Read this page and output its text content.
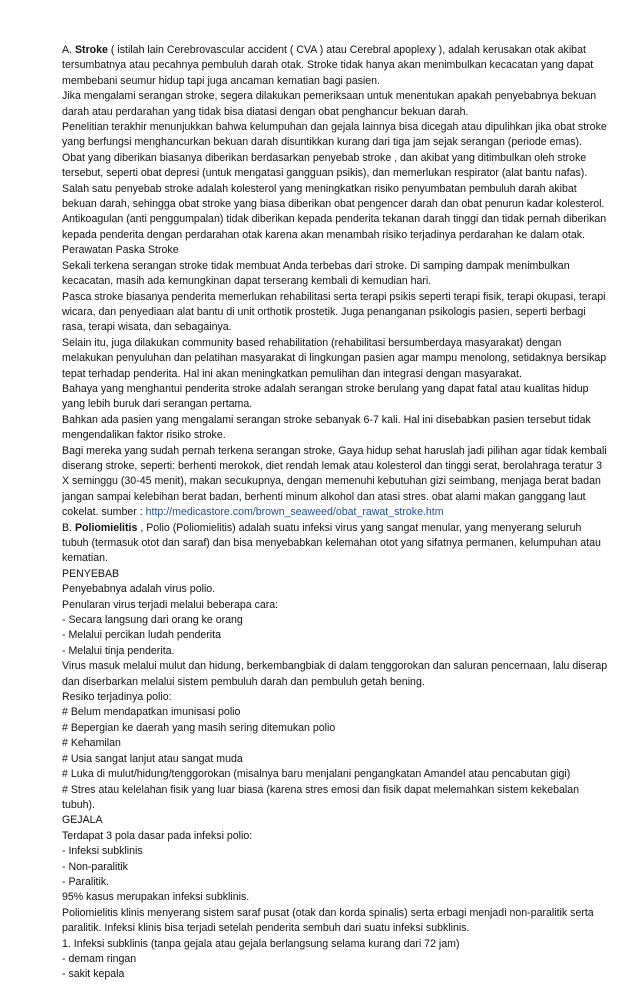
A. Stroke ( istilah lain Cerebrovascular accident ( CVA ) atau Cerebral apoplexy ), adalah kerusakan otak akibat tersumbatnya atau pecahnya pembuluh darah otak. Stroke tidak hanya akan menimbulkan kecacatan yang dapat membebani seumur hidup tapi juga ancaman kematian bagi pasien.

Jika mengalami serangan stroke, segera dilakukan pemeriksaan untuk menentukan apakah penyebabnya bekuan darah atau perdarahan yang tidak bisa diatasi dengan obat penghancur bekuan darah.

Penelitian terakhir menunjukkan bahwa kelumpuhan dan gejala lainnya bisa dicegah atau dipulihkan jika obat stroke yang berfungsi menghancurkan bekuan darah disuntikkan kurang dari tiga jam sejak serangan (periode emas).

Obat yang diberikan biasanya diberikan berdasarkan penyebab stroke , dan akibat yang ditimbulkan oleh stroke tersebut, seperti obat depresi (untuk mengatasi gangguan psikis), dan memerlukan respirator (alat bantu nafas).

Salah satu penyebab stroke adalah kolesterol yang meningkatkan risiko penyumbatan pembuluh darah akibat bekuan darah, sehingga obat stroke yang biasa diberikan obat pengencer darah dan obat penurun kadar kolesterol.

Antikoagulan (anti penggumpalan) tidak diberikan kepada penderita tekanan darah tinggi dan tidak pernah diberikan kepada penderita dengan perdarahan otak karena akan menambah risiko terjadinya perdarahan ke dalam otak.

Perawatan Paska Stroke

Sekali terkena serangan stroke tidak membuat Anda terbebas dari stroke. Di samping dampak menimbulkan kecacatan, masih ada kemungkinan dapat terserang kembali di kemudian hari.

Pasca stroke biasanya penderita memerlukan rehabilitasi serta terapi psikis seperti terapi fisik, terapi okupasi, terapi wicara, dan penyediaan alat bantu di unit orthotik prostetik. Juga penanganan psikologis pasien, seperti berbagi rasa, terapi wisata, dan sebagainya.

Selain itu, juga dilakukan community based rehabilitation (rehabilitasi bersumberdaya masyarakat) dengan melakukan penyuluhan dan pelatihan masyarakat di lingkungan pasien agar mampu menolong, setidaknya bersikap tepat terhadap penderita. Hal ini akan meningkatkan pemulihan dan integrasi dengan masyarakat.

Bahaya yang menghantui penderita stroke adalah serangan stroke berulang yang dapat fatal atau kualitas hidup yang lebih buruk dari serangan pertama.

Bahkan ada pasien yang mengalami serangan stroke sebanyak 6-7 kali. Hal ini disebabkan pasien tersebut tidak mengendalikan faktor risiko stroke.

Bagi mereka yang sudah pernah terkena serangan stroke, Gaya hidup sehat haruslah jadi pilihan agar tidak kembali diserang stroke, seperti: berhenti merokok, diet rendah lemak atau kolesterol dan tinggi serat, berolahraga teratur 3 X seminggu (30-45 menit), makan secukupnya, dengan memenuhi kebutuhan gizi seimbang, menjaga berat badan jangan sampai kelebihan berat badan, berhenti minum alkohol dan atasi stres. obat alami makan ganggang laut cokelat. sumber : http://medicastore.com/brown_seaweed/obat_rawat_stroke.htm

B. Poliomielitis , Polio (Poliomielitis) adalah suatu infeksi virus yang sangat menular, yang menyerang seluruh tubuh (termasuk otot dan saraf) dan bisa menyebabkan kelemahan otot yang sifatnya permanen, kelumpuhan atau kematian.

PENYEBAB

Penyebabnya adalah virus polio.

Penularan virus terjadi melalui beberapa cara:

- Secara langsung dari orang ke orang

- Melalui percikan ludah penderita

- Melalui tinja penderita.

Virus masuk melalui mulut dan hidung, berkembangbiak di dalam tenggorokan dan saluran pencernaan, lalu diserap dan diserbarkan melalui sistem pembuluh darah dan pembuluh getah bening.

Resiko terjadinya polio:

# Belum mendapatkan imunisasi polio

# Bepergian ke daerah yang masih sering ditemukan polio

# Kehamilan

# Usia sangat lanjut atau sangat muda

# Luka di mulut/hidung/tenggorokan (misalnya baru menjalani pengangkatan Amandel atau pencabutan gigi)

# Stres atau kelelahan fisik yang luar biasa (karena stres emosi dan fisik dapat melemahkan sistem kekebalan tubuh).

GEJALA

Terdapat 3 pola dasar pada infeksi polio:

- Infeksi subklinis

- Non-paralitik

- Paralitik.

95% kasus merupakan infeksi subklinis.

Poliomielitis klinis menyerang sistem saraf pusat (otak dan korda spinalis) serta erbagi menjadi non-paralitik serta paralitik. Infeksi klinis bisa terjadi setelah penderita sembuh dari suatu infeksi subklinis.

1. Infeksi subklinis (tanpa gejala atau gejala berlangsung selama kurang dari 72 jam)

- demam ringan

- sakit kepala
